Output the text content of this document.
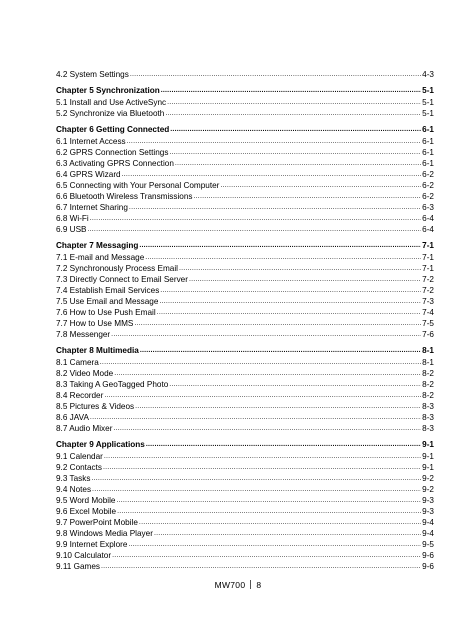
4.2 System Settings .....	4-3
Chapter 5 Synchronization .....	5-1
5.1 Install and Use ActiveSync .....	5-1
5.2 Synchronize via Bluetooth .....	5-1
Chapter 6 Getting Connected .....	6-1
6.1 Internet Access .....	6-1
6.2 GPRS Connection Settings .....	6-1
6.3 Activating GPRS Connection .....	6-1
6.4 GPRS Wizard .....	6-2
6.5 Connecting with Your Personal Computer .....	6-2
6.6 Bluetooth Wireless Transmissions .....	6-2
6.7 Internet Sharing .....	6-3
6.8 Wi-Fi .....	6-4
6.9 USB .....	6-4
Chapter 7 Messaging .....	7-1
7.1 E-mail and Message .....	7-1
7.2 Synchronously Process Email .....	7-1
7.3 Directly Connect to Email Server .....	7-2
7.4 Establish Email Services .....	7-2
7.5 Use Email and Message .....	7-3
7.6 How to Use Push Email .....	7-4
7.7 How to Use MMS .....	7-5
7.8 Messenger .....	7-6
Chapter 8 Multimedia .....	8-1
8.1 Camera .....	8-1
8.2 Video Mode .....	8-2
8.3 Taking A GeoTagged Photo .....	8-2
8.4 Recorder .....	8-2
8.5 Pictures & Videos .....	8-3
8.6 JAVA .....	8-3
8.7 Audio Mixer .....	8-3
Chapter 9 Applications .....	9-1
9.1 Calendar .....	9-1
9.2 Contacts .....	9-1
9.3 Tasks .....	9-2
9.4 Notes .....	9-2
9.5 Word Mobile .....	9-3
9.6 Excel Mobile .....	9-3
9.7 PowerPoint Mobile .....	9-4
9.8 Windows Media Player .....	9-4
9.9 Internet Explore .....	9-5
9.10 Calculator .....	9-6
9.11 Games .....	9-6
MW700 8
